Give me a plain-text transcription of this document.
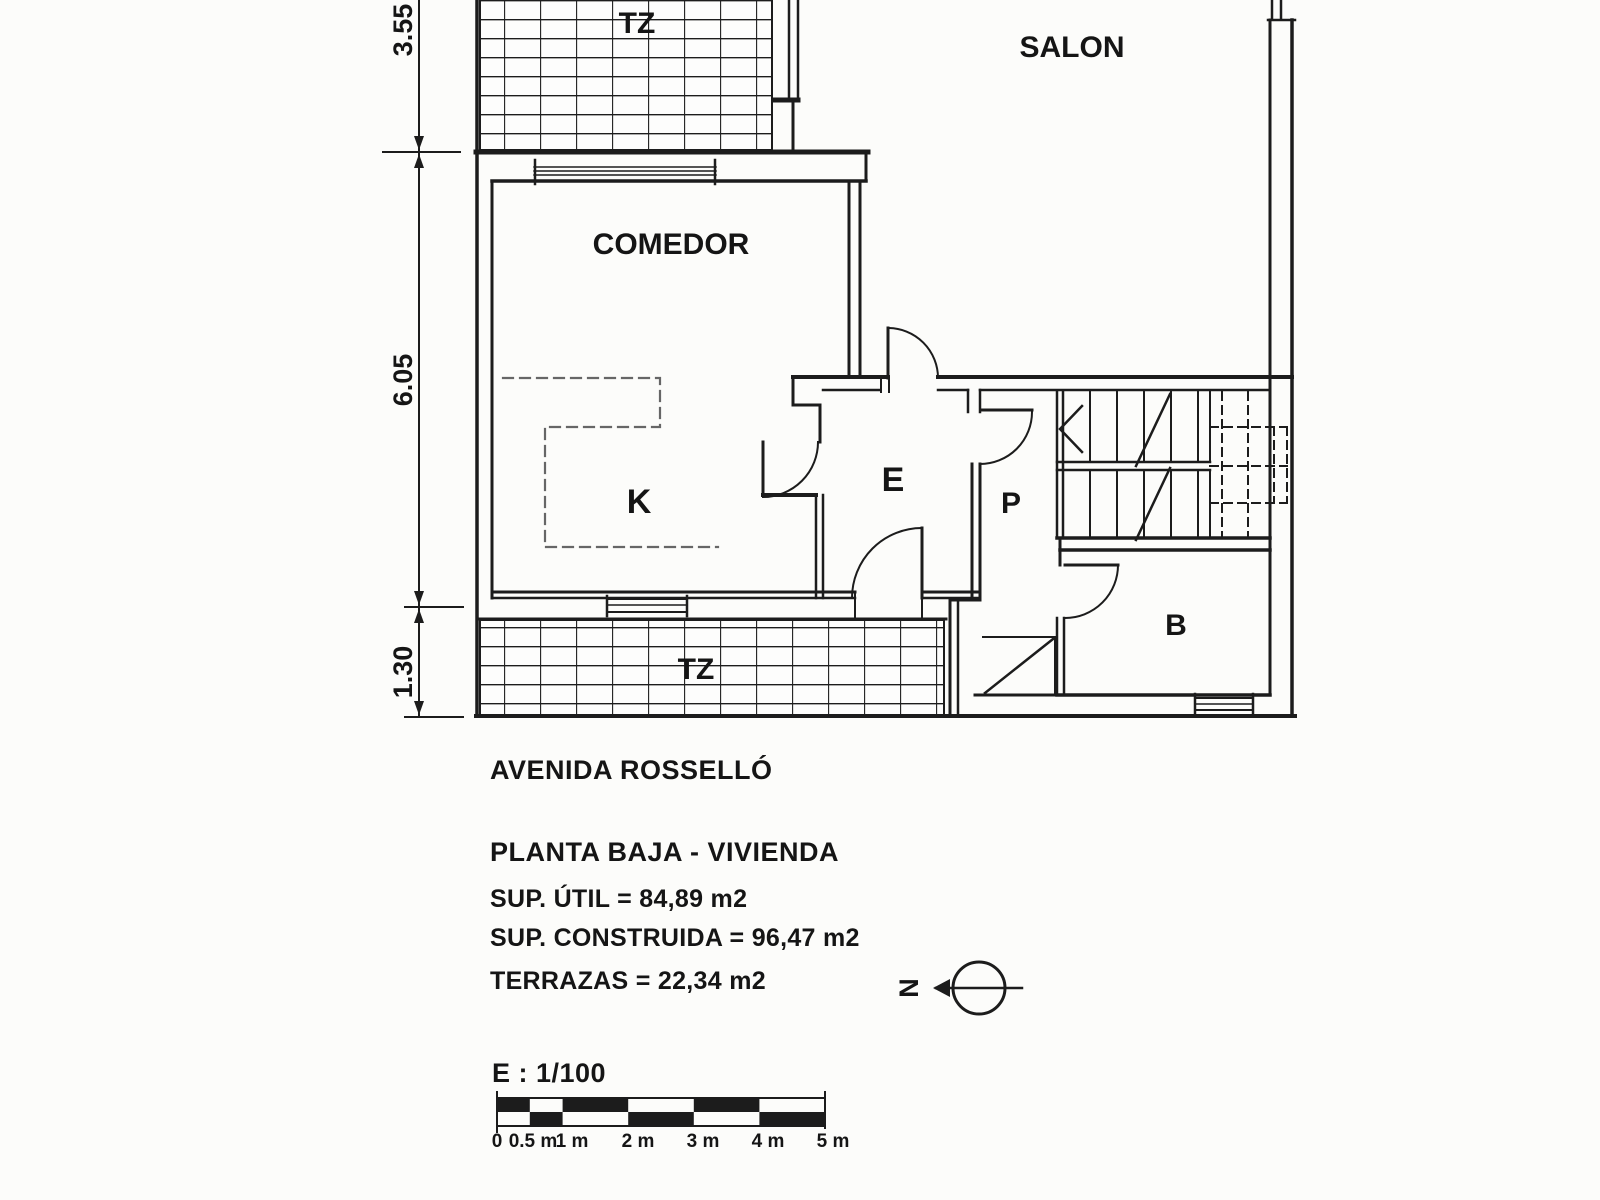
TZ
SALON
COMEDOR
K
E
P
B
TZ
3.55
6.05
1.30
AVENIDA ROSSELLÓ
PLANTA BAJA - VIVIENDA
SUP. ÚTIL = 84,89 m2
SUP. CONSTRUIDA = 96,47 m2
TERRAZAS = 22,34 m2	N
E : 1/100
0 0.5 m
1 m 2 m 3 m 4 m 5 m
